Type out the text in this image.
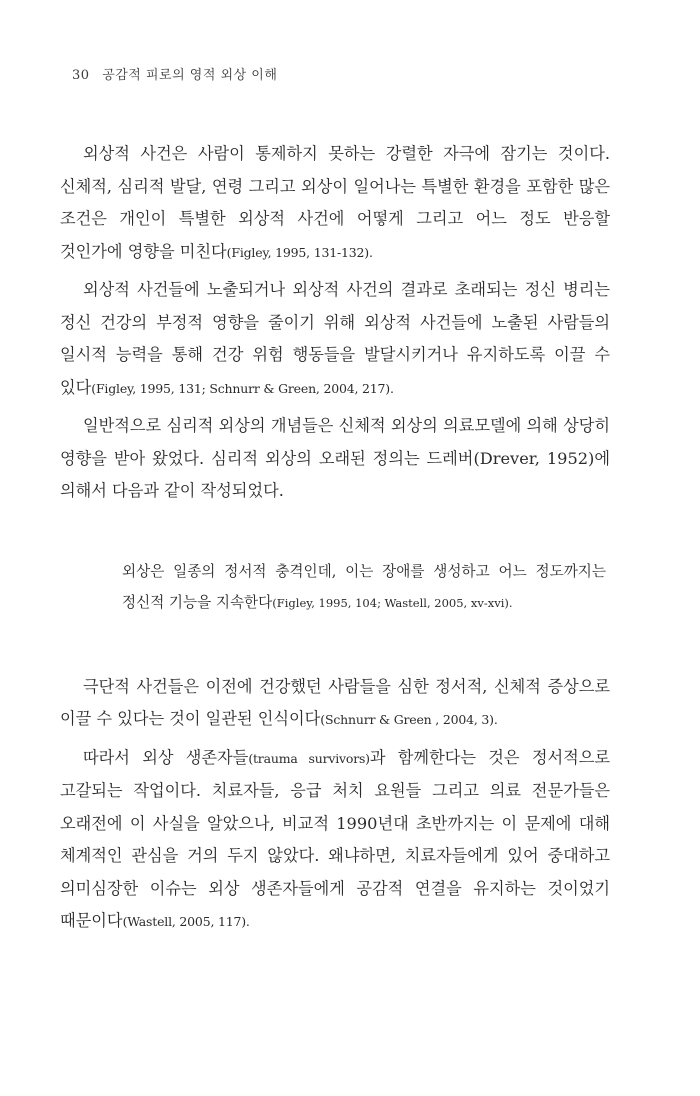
30 공감적 피로의 영적 외상 이해

외상적 사건은 사람이 통제하지 못하는 강렬한 자극에 잠기는 것이다. 신체적, 심리적 발달, 연령 그리고 외상이 일어나는 특별한 환경을 포함한 많은 조건은 개인이 특별한 외상적 사건에 어떻게 그리고 어느 정도 반응할 것인가에 영향을 미친다(Figley, 1995, 131-132).

외상적 사건들에 노출되거나 외상적 사건의 결과로 초래되는 정신 병리는 정신 건강의 부정적 영향을 줄이기 위해 외상적 사건들에 노출된 사람들의 일시적 능력을 통해 건강 위험 행동들을 발달시키거나 유지하도록 이끌 수 있다(Figley, 1995, 131; Schnurr & Green, 2004, 217).

일반적으로 심리적 외상의 개념들은 신체적 외상의 의료모델에 의해 상당히 영향을 받아 왔었다. 심리적 외상의 오래된 정의는 드레버(Drever, 1952)에 의해서 다음과 같이 작성되었다.

외상은 일종의 정서적 충격인데, 이는 장애를 생성하고 어느 정도까지는 정신적 기능을 지속한다(Figley, 1995, 104; Wastell, 2005, xv-xvi).

극단적 사건들은 이전에 건강했던 사람들을 심한 정서적, 신체적 증상으로 이끌 수 있다는 것이 일관된 인식이다(Schnurr & Green , 2004, 3).

따라서 외상 생존자들(trauma survivors)과 함께한다는 것은 정서적으로 고갈되는 작업이다. 치료자들, 응급 처치 요원들 그리고 의료 전문가들은 오래전에 이 사실을 알았으나, 비교적 1990년대 초반까지는 이 문제에 대해 체계적인 관심을 거의 두지 않았다. 왜냐하면, 치료자들에게 있어 중대하고 의미심장한 이슈는 외상 생존자들에게 공감적 연결을 유지하는 것이었기 때문이다(Wastell, 2005, 117).
